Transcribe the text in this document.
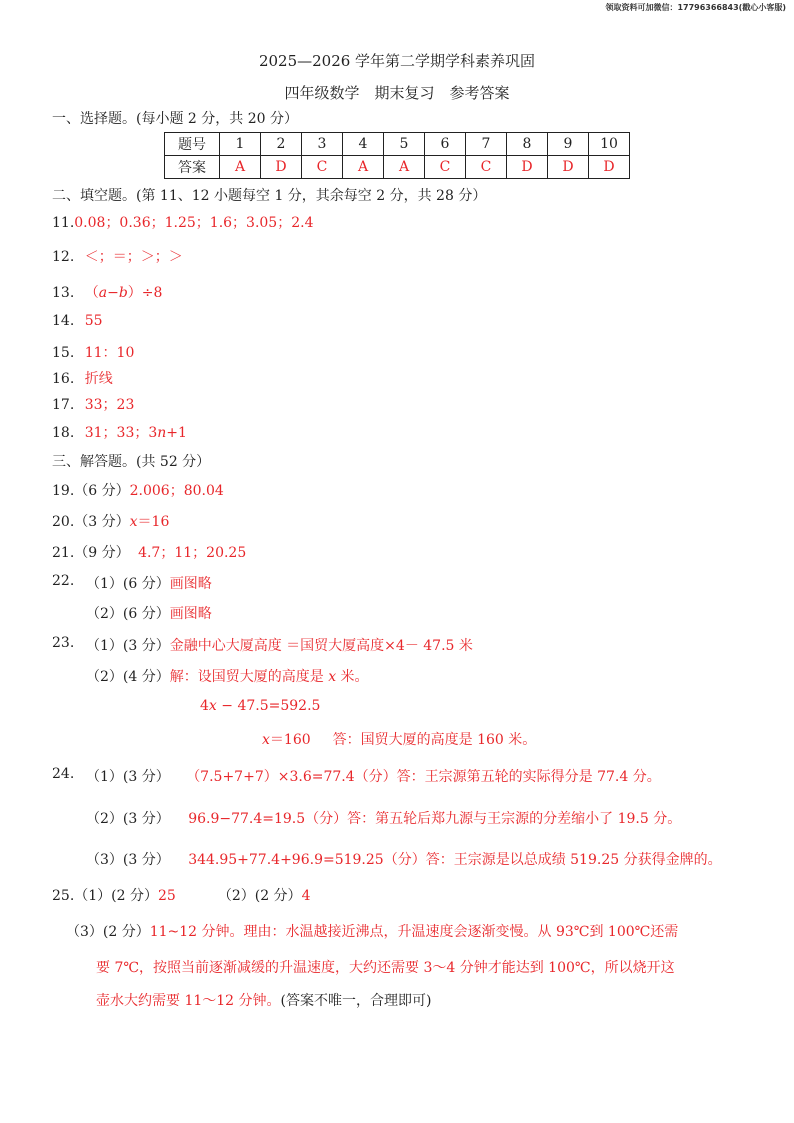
领取资料可加微信：17796366843(戳心小客服)
2025—2026 学年第二学期学科素养巩固
四年级数学　期末复习　参考答案
一、选择题。(每小题 2 分，共 20 分）
题号	1	2	3	4	5	6	7	8	9	10
答案	A	D	C	A	A	C	C	D	D	D
二、填空题。(第 11、12 小题每空 1 分，其余每空 2 分，共 28 分）
11.0.08；0.36；1.25；1.6；3.05；2.4
12. ＜；＝；＞；＞
13. （a−b）÷8
14. 55
15. 11：10
16. 折线
17. 33；23
18. 31；33；3n+1
三、解答题。(共 52 分）
19.（6 分）2.006；80.04
20.（3 分）x＝16
21.（9 分） 4.7；11；20.25
22. （1）(6 分）画图略
（2）(6 分）画图略
23. （1）(3 分）金融中心大厦高度 ＝国贸大厦高度×4－ 47.5 米
（2）(4 分）解：设国贸大厦的高度是 x 米。
4x − 47.5=592.5
x＝160 答：国贸大厦的高度是 160 米。
24. （1）(3 分） （7.5+7+7）×3.6=77.4（分）答：王宗源第五轮的实际得分是 77.4 分。
（2）(3 分） 96.9−77.4=19.5（分）答：第五轮后郑九源与王宗源的分差缩小了 19.5 分。
（3）(3 分） 344.95+77.4+96.9=519.25（分）答：王宗源是以总成绩 519.25 分获得金牌的。
25.（1）(2 分）25	（2）(2 分）4
（3）(2 分）11~12 分钟。理由：水温越接近沸点，升温速度会逐渐变慢。从 93℃到 100℃还需
要 7℃，按照当前逐渐减缓的升温速度，大约还需要 3～4 分钟才能达到 100℃，所以烧开这
壶水大约需要 11～12 分钟。(答案不唯一，合理即可)
